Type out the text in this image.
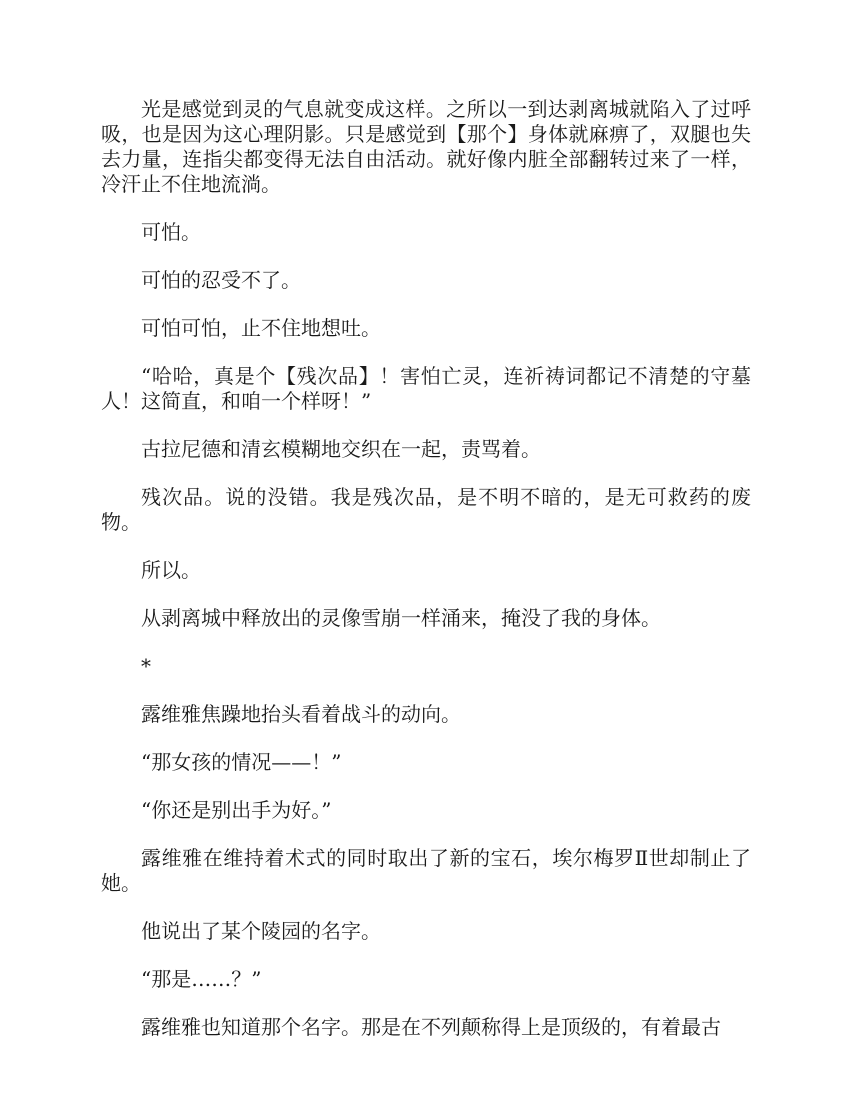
光是感觉到灵的气息就变成这样。之所以一到达剥离城就陷入了过呼吸，也是因为这心理阴影。只是感觉到【那个】身体就麻痹了，双腿也失去力量，连指尖都变得无法自由活动。就好像内脏全部翻转过来了一样，冷汗止不住地流淌。

可怕。

可怕的忍受不了。

可怕可怕，止不住地想吐。

“哈哈，真是个【残次品】！害怕亡灵，连祈祷词都记不清楚的守墓人！这简直，和咱一个样呀！”

古拉尼德和清玄模糊地交织在一起，责骂着。

残次品。说的没错。我是残次品，是不明不暗的，是无可救药的废物。

所以。

从剥离城中释放出的灵像雪崩一样涌来，掩没了我的身体。

*

露维雅焦躁地抬头看着战斗的动向。

“那女孩的情况——！”

“你还是别出手为好。”

露维雅在维持着术式的同时取出了新的宝石，埃尔梅罗Ⅱ世却制止了她。

他说出了某个陵园的名字。

“那是……？”

露维雅也知道那个名字。那是在不列颠称得上是顶级的，有着最古
